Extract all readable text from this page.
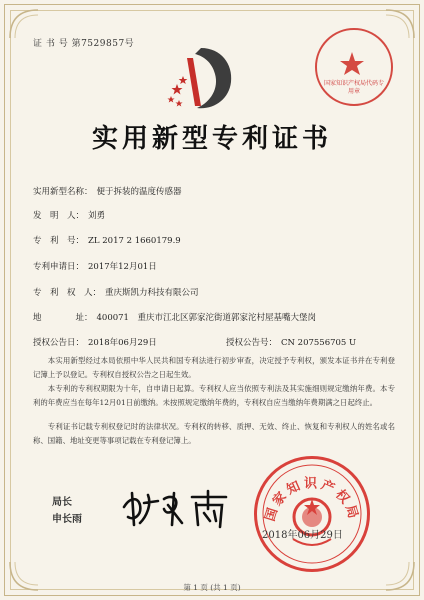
证 书 号 第7529857号
国家知识产权局代码专用章
实用新型专利证书
实用新型名称： 便于拆装的温度传感器
发　明　人： 刘勇
专　利　号： ZL 2017 2 1660179.9
专利申请日： 2017年12月01日
专　利　权　人： 重庆斯凯力科技有限公司
地　　　　址： 400071　重庆市江北区郭家沱街道郭家沱村屋基嘴大堡岗
授权公告日： 2018年06月29日	授权公告号： CN 207556705 U
本实用新型经过本局依照中华人民共和国专利法进行初步审查，决定授予专利权，颁发本证书并在专利登记簿上予以登记。专利权自授权公告之日起生效。
本专利的专利权期限为十年，自申请日起算。专利权人应当依照专利法及其实施细则规定缴纳年费。本专利的年费应当在每年12月01日前缴纳。未按照规定缴纳年费的，专利权自应当缴纳年费期满之日起终止。
专利证书记载专利权登记时的法律状况。专利权的转移、质押、无效、终止、恢复和专利权人的姓名或名称、国籍、地址变更等事项记载在专利登记簿上。
局长
申长雨	国家知识产权局
2018年06月29日
第 1 页 (共 1 页)
